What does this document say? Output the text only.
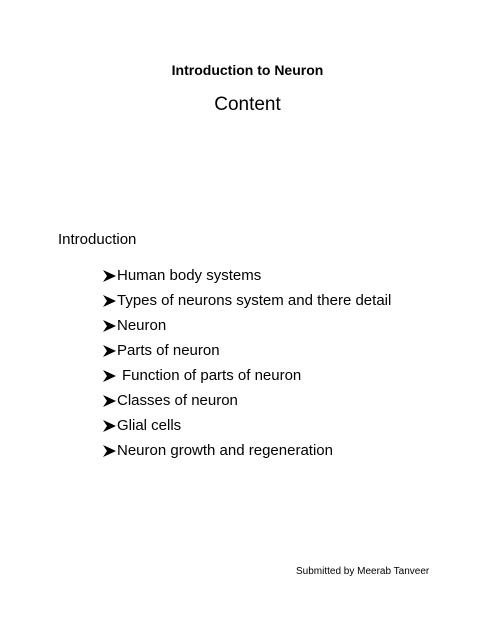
Introduction to Neuron
Content
Introduction
Human body systems
Types of neurons system and there detail
Neuron
Parts of neuron
Function of parts of neuron
Classes of neuron
Glial cells
Neuron growth and regeneration
Submitted by Meerab Tanveer
